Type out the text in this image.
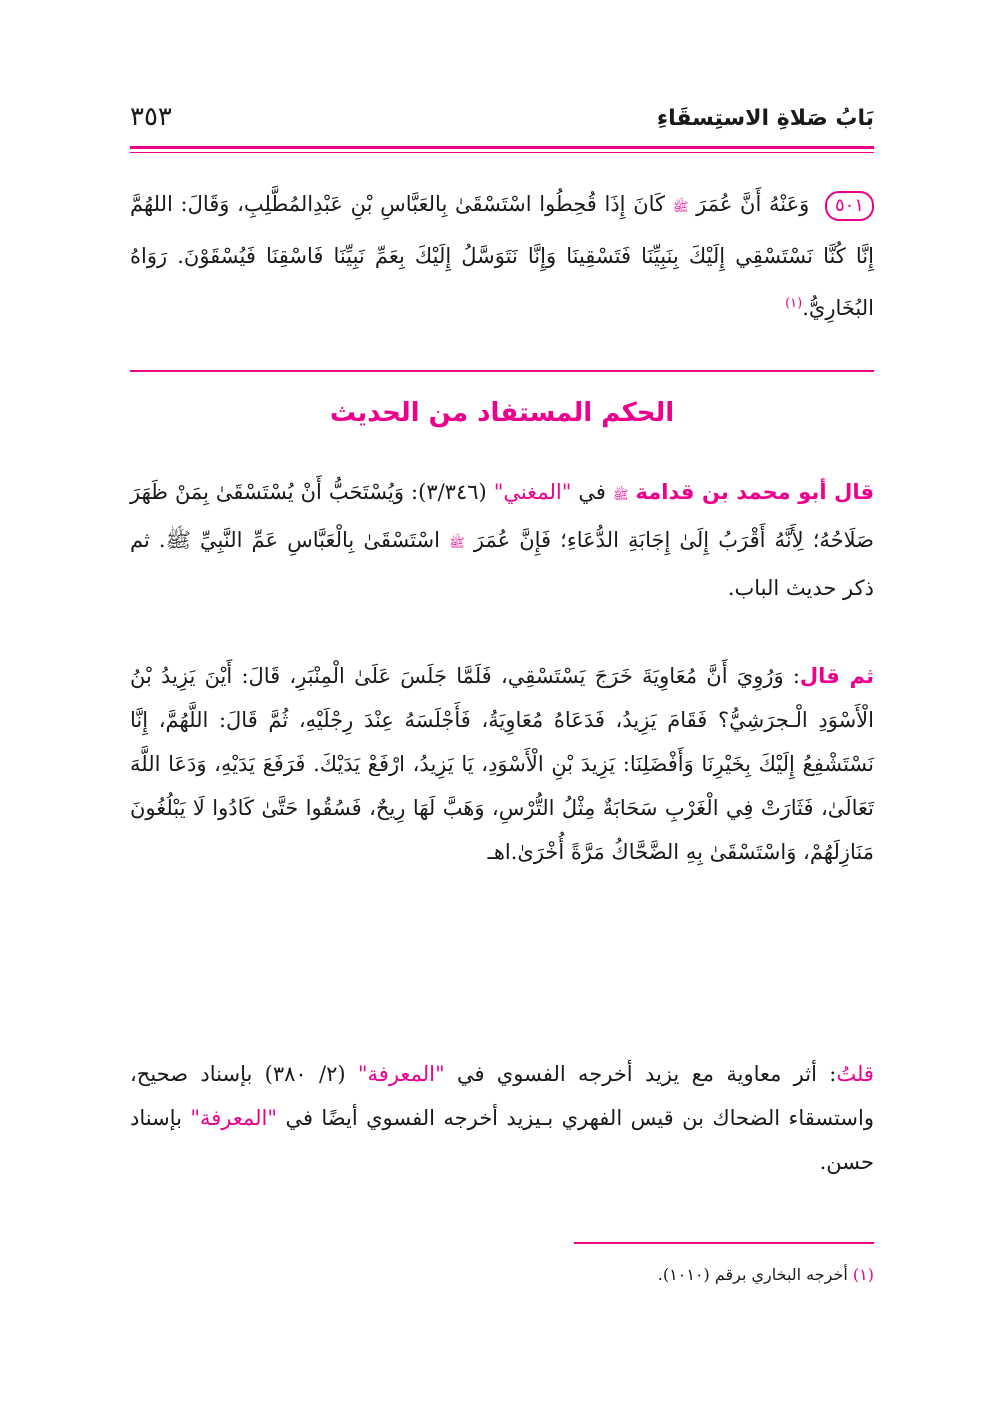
بَابُ صَلاةِ الاستِسقَاءِ
٣٥٣
٥٠١ وَعَنْهُ أَنَّ عُمَرَ ﷺ كَانَ إِذَا قُحِطُوا اسْتَسْقَىٰ بِالعَبَّاسِ بْنِ عَبْدِالمُطَّلِبِ، وَقَالَ: اللهُمَّ إِنَّا كُنَّا نَسْتَسْقِي إِلَيْكَ بِنَبِيِّنَا فَتَسْقِينَا وَإِنَّا نَتَوَسَّلُ إِلَيْكَ بِعَمِّ نَبِيِّنَا فَاسْقِنَا فَيُسْقَوْنَ. رَوَاهُ البُخَارِيُّ.$^{(١)}$
الحكم المستفاد من الحديث
قال أبو محمد بن قدامة ﷺ في "المغني" (٣/٣٤٦): وَيُسْتَحَبُّ أَنْ يُسْتَسْقَىٰ بِمَنْ ظَهَرَ صَلَاحُهُ؛ لِأَنَّهُ أَقْرَبُ إِلَىٰ إِجَابَةِ الدُّعَاءِ؛ فَإِنَّ عُمَرَ ﷺ اسْتَسْقَىٰ بِالْعَبَّاسِ عَمِّ النَّبِيِّ ﷺ. ثم ذكر حديث الباب.
ثم قال: وَرُوِيَ أَنَّ مُعَاوِيَةَ خَرَجَ يَسْتَسْقِي، فَلَمَّا جَلَسَ عَلَىٰ الْمِنْبَرِ، قَالَ: أَيْنَ يَزِيدُ بْنُ الْأَسْوَدِ الْـجرَشِيُّ؟ فَقَامَ يَزِيدُ، فَدَعَاهُ مُعَاوِيَةُ، فَأَجْلَسَهُ عِنْدَ رِجْلَيْهِ، ثُمَّ قَالَ: اللَّهُمَّ، إِنَّا نَسْتَشْفِعُ إِلَيْكَ بِخَيْرِنَا وَأَفْضَلِنَا: يَزِيدَ بْنِ الْأَسْوَدِ، يَا يَزِيدُ، ارْفَعْ يَدَيْكَ. فَرَفَعَ يَدَيْهِ، وَدَعَا اللَّهَ تَعَالَىٰ، فَثَارَتْ فِي الْغَرْبِ سَحَابَةٌ مِثْلُ التُّرْسِ، وَهَبَّ لَهَا رِيحٌ، فَسُقُوا حَتَّىٰ كَادُوا لَا يَبْلُغُونَ مَنَازِلَهُمْ، وَاسْتَسْقَىٰ بِهِ الضَّحَّاكُ مَرَّةً أُخْرَىٰ.اهـ
قلتُ: أثر معاوية مع يزيد أخرجه الفسوي في "المعرفة" (٢/ ٣٨٠) بإسناد صحيح، واستسقاء الضحاك بن قيس الفهري بـيزيد أخرجه الفسوي أيضًا في "المعرفة" بإسناد حسن.
(١) أخرجه البخاري برقم (١٠١٠).
